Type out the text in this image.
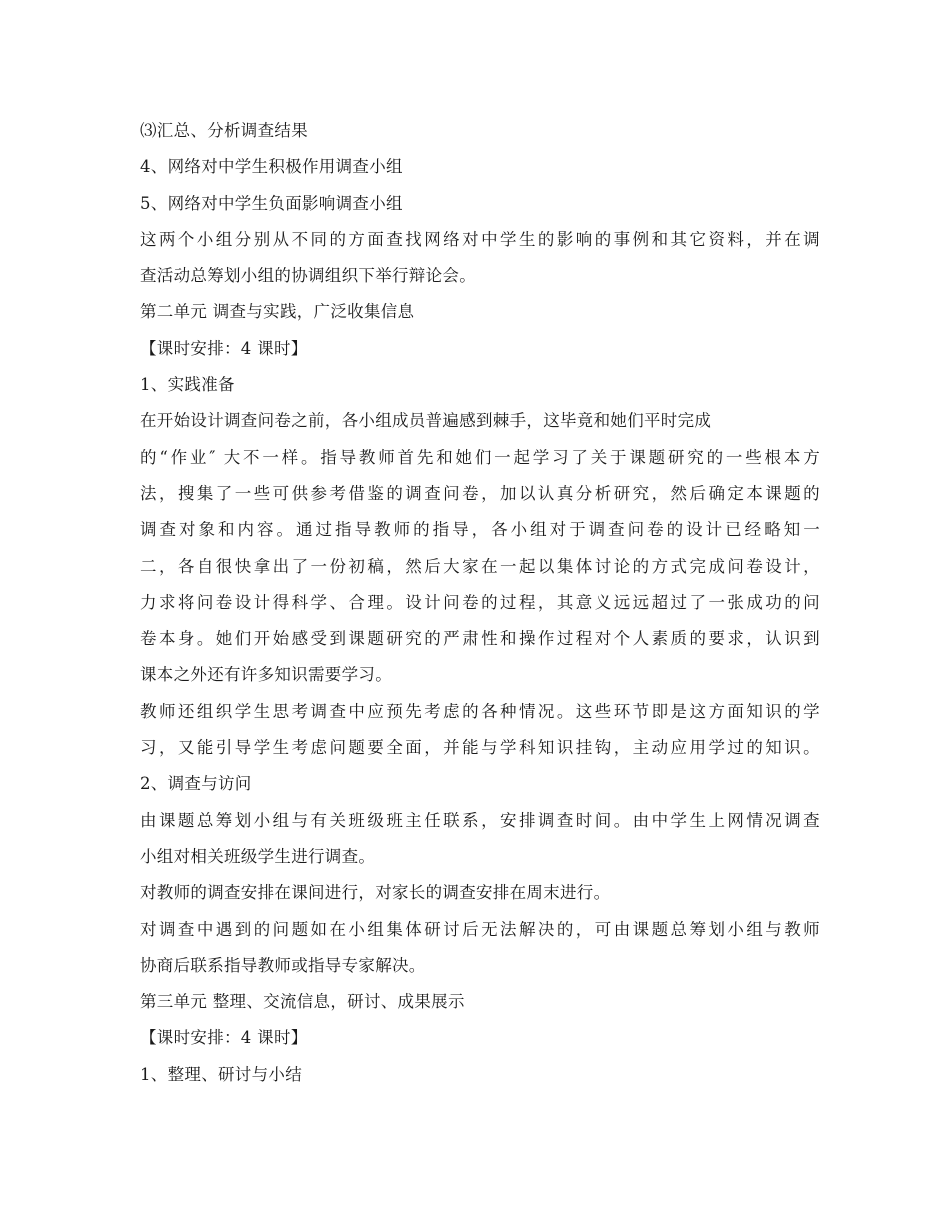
⑶汇总、分析调查结果
4、网络对中学生积极作用调查小组
5、网络对中学生负面影响调查小组
这两个小组分别从不同的方面查找网络对中学生的影响的事例和其它资料，并在调
查活动总筹划小组的协调组织下举行辩论会。
第二单元 调查与实践，广泛收集信息
【课时安排：4 课时】
1、实践准备
在开始设计调查问卷之前，各小组成员普遍感到棘手，这毕竟和她们平时完成
的“作业″ 大不一样。指导教师首先和她们一起学习了关于课题研究的一些根本方
法，搜集了一些可供参考借鉴的调查问卷，加以认真分析研究，然后确定本课题的
调查对象和内容。通过指导教师的指导，各小组对于调查问卷的设计已经略知一
二，各自很快拿出了一份初稿，然后大家在一起以集体讨论的方式完成问卷设计，
力求将问卷设计得科学、合理。设计问卷的过程，其意义远远超过了一张成功的问
卷本身。她们开始感受到课题研究的严肃性和操作过程对个人素质的要求，认识到
课本之外还有许多知识需要学习。
教师还组织学生思考调查中应预先考虑的各种情况。这些环节即是这方面知识的学
习，又能引导学生考虑问题要全面，并能与学科知识挂钩，主动应用学过的知识。
2、调查与访问
由课题总筹划小组与有关班级班主任联系，安排调查时间。由中学生上网情况调查
小组对相关班级学生进行调查。
对教师的调查安排在课间进行，对家长的调查安排在周末进行。
对调查中遇到的问题如在小组集体研讨后无法解决的，可由课题总筹划小组与教师
协商后联系指导教师或指导专家解决。
第三单元 整理、交流信息，研讨、成果展示
【课时安排：4 课时】
1、整理、研讨与小结
